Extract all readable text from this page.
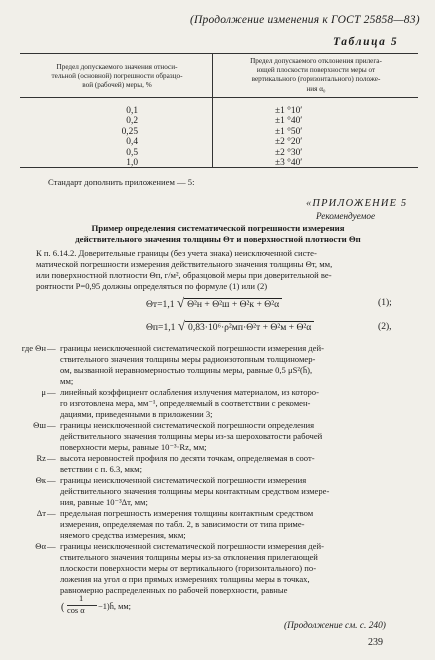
(Продолжение изменения к ГОСТ 25858—83)
Таблица 5
Предел допускаемого значения относи-
тельной (основной) погрешности образцо-
вой (рабочей) меры, %
Предел допускаемого отклонения прилега-
ющей плоскости поверхности меры от
вертикального (горизонтального) положе-
ния α₀
0,1
0,2
0,25
0,4
0,5
1,0
±1 °10′
±1 °40′
±1 °50′
±2 °20′
±2 °30′
±3 °40′
Стандарт дополнить приложением — 5:
«ПРИЛОЖЕНИЕ 5
Рекомендуемое
Пример определения систематической погрешности измерения
действительного значения толщины Θт и поверхностной плотности Θп
К п. 6.14.2. Доверительные границы (без учета знака) неисключенной систе-
матической погрешности измерения действительного значения толщины Θт, мм,
или поверхностной плотности Θп, г/м², образцовой меры при доверительной ве-
роятности P=0,95 должны определяться по формуле (1) или (2)
Θт=1,1 √ Θ²н + Θ²ш + Θ²к + Θ²α	(1);
Θп=1,1 √ 0,83·10⁶·ρ²мп·Θ²т + Θ²м + Θ²α	(2),
где Θн — границы неисключенной систематической погрешности измерения дей-
ствительного значения толщины меры радиоизотопным толщиномер-
ом, вызванной неравномерностью толщины меры, равные 0,5 μS²(h̄),
мм;
μ — линейный коэффициент ослабления излучения материалом, из которо-
го изготовлена мера, мм⁻¹, определяемый в соответствии с рекомен-
дациями, приведенными в приложении 3;
Θш — границы неисключенной систематической погрешности определения
действительного значения толщины меры из-за шероховатости рабочей
поверхности меры, равные 10⁻³·Rz, мм;
Rz — высота неровностей профиля по десяти точкам, определяемая в соот-
ветствии с п. 6.3, мкм;
Θк — границы неисключенной систематической погрешности измерения
действительного значения толщины меры контактным средством измере-
ния, равные 10⁻³Δт, мм;
Δт — предельная погрешность измерения толщины контактным средством
измерения, определяемая по табл. 2, в зависимости от типа приме-
няемого средства измерения, мкм;
Θα — границы неисключенной систематической погрешности измерения дей-
ствительного значения толщины меры из-за отклонения прилегающей
плоскости поверхности меры от вертикального (горизонтального) по-
ложения на угол α при прямых измерениях толщины меры в точках,
равномерно распределенных по рабочей поверхности, равные
(
1
cos α −1)h̄, мм;
(Продолжение см. с. 240)
239
